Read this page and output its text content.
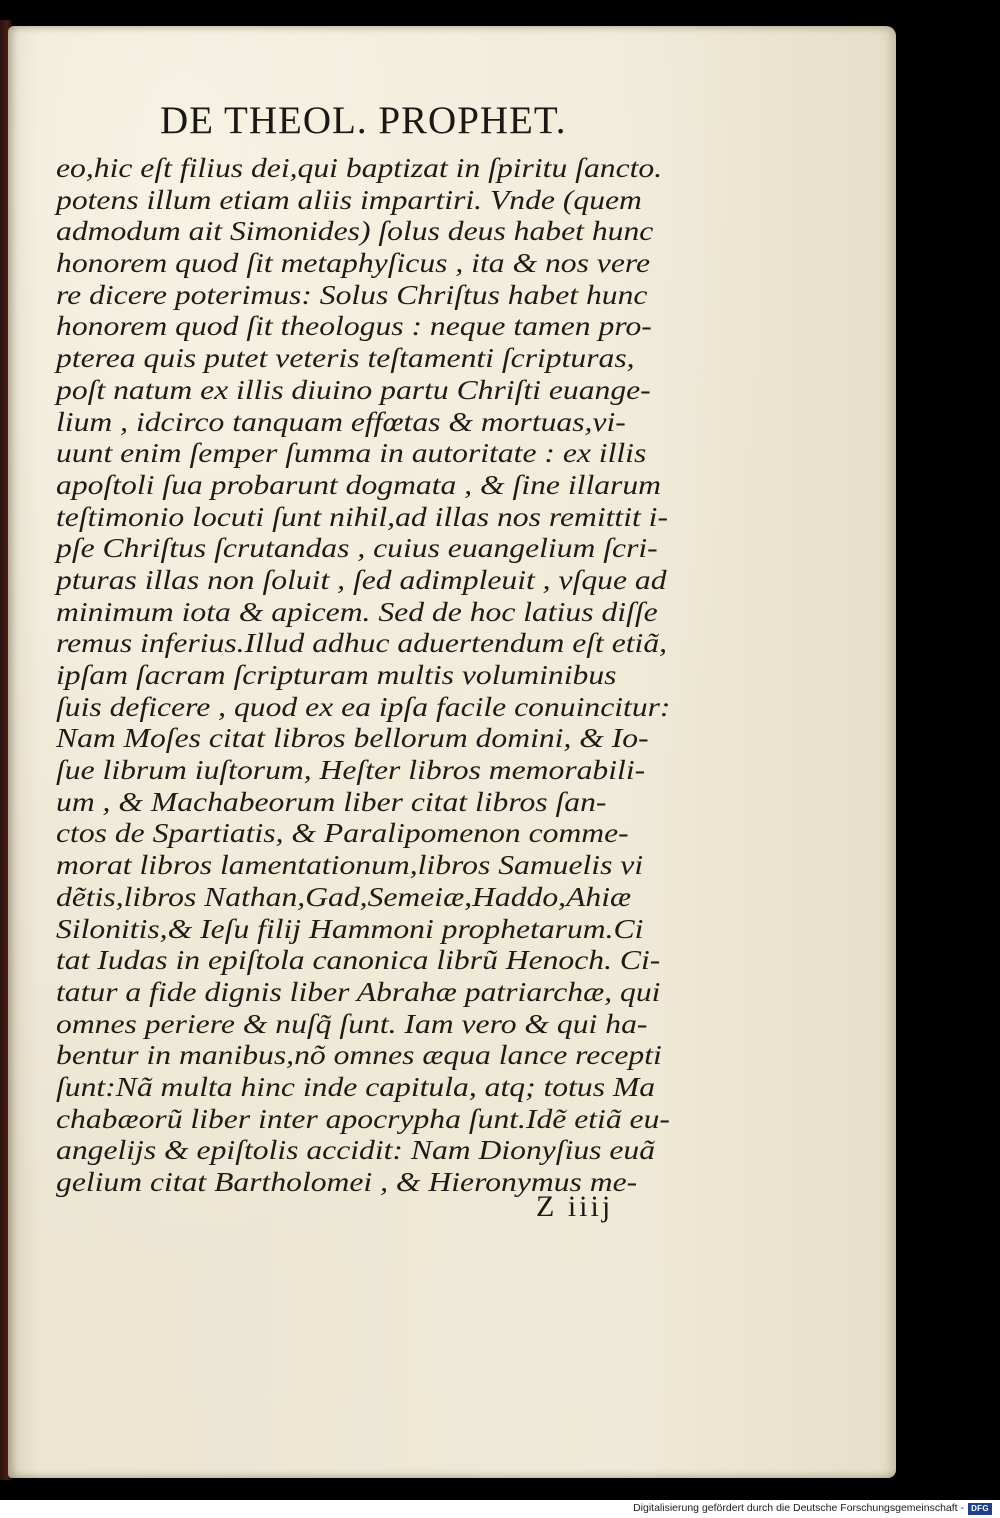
DE THEOL. PROPHET.
eo,hic eſt filius dei,qui baptizat in ſpiritu ſancto.
potens illum etiam aliis impartiri. Vnde (quem
admodum ait Simonides) ſolus deus habet hunc
honorem quod ſit metaphyſicus , ita & nos vere
re dicere poterimus: Solus Chriſtus habet hunc
honorem quod ſit theologus : neque tamen pro-
pterea quis putet veteris teſtamenti ſcripturas,
poſt natum ex illis diuino partu Chriſti euange-
lium , idcirco tanquam effœtas & mortuas,vi-
uunt enim ſemper ſumma in autoritate : ex illis
apoſtoli ſua probarunt dogmata , & ſine illarum
teſtimonio locuti ſunt nihil,ad illas nos remittit i-
pſe Chriſtus ſcrutandas , cuius euangelium ſcri-
pturas illas non ſoluit , ſed adimpleuit , vſque ad
minimum iota & apicem. Sed de hoc latius diſſe
remus inferius.Illud adhuc aduertendum eſt etiã,
ipſam ſacram ſcripturam multis voluminibus
ſuis deficere , quod ex ea ipſa facile conuincitur:
Nam Moſes citat libros bellorum domini, & Io-
ſue librum iuſtorum, Heſter libros memorabili-
um , & Machabeorum liber citat libros ſan-
ctos de Spartiatis, & Paralipomenon comme-
morat libros lamentationum,libros Samuelis vi
dẽtis,libros Nathan,Gad,Semeiæ,Haddo,Ahiæ
Silonitis,& Ieſu filij Hammoni prophetarum.Ci
tat Iudas in epiſtola canonica librũ Henoch. Ci-
tatur a fide dignis liber Abrahæ patriarchæ, qui
omnes periere & nuſq̃ ſunt. Iam vero & qui ha-
bentur in manibus,nõ omnes æqua lance recepti
ſunt:Nã multa hinc inde capitula, atq; totus Ma
chabæorũ liber inter apocrypha ſunt.Idẽ etiã eu-
angelijs & epiſtolis accidit: Nam Dionyſius euã
gelium citat Bartholomei , & Hieronymus me-
Z iiij
Digitalisierung gefördert durch die Deutsche Forschungsgemeinschaft - DFG
